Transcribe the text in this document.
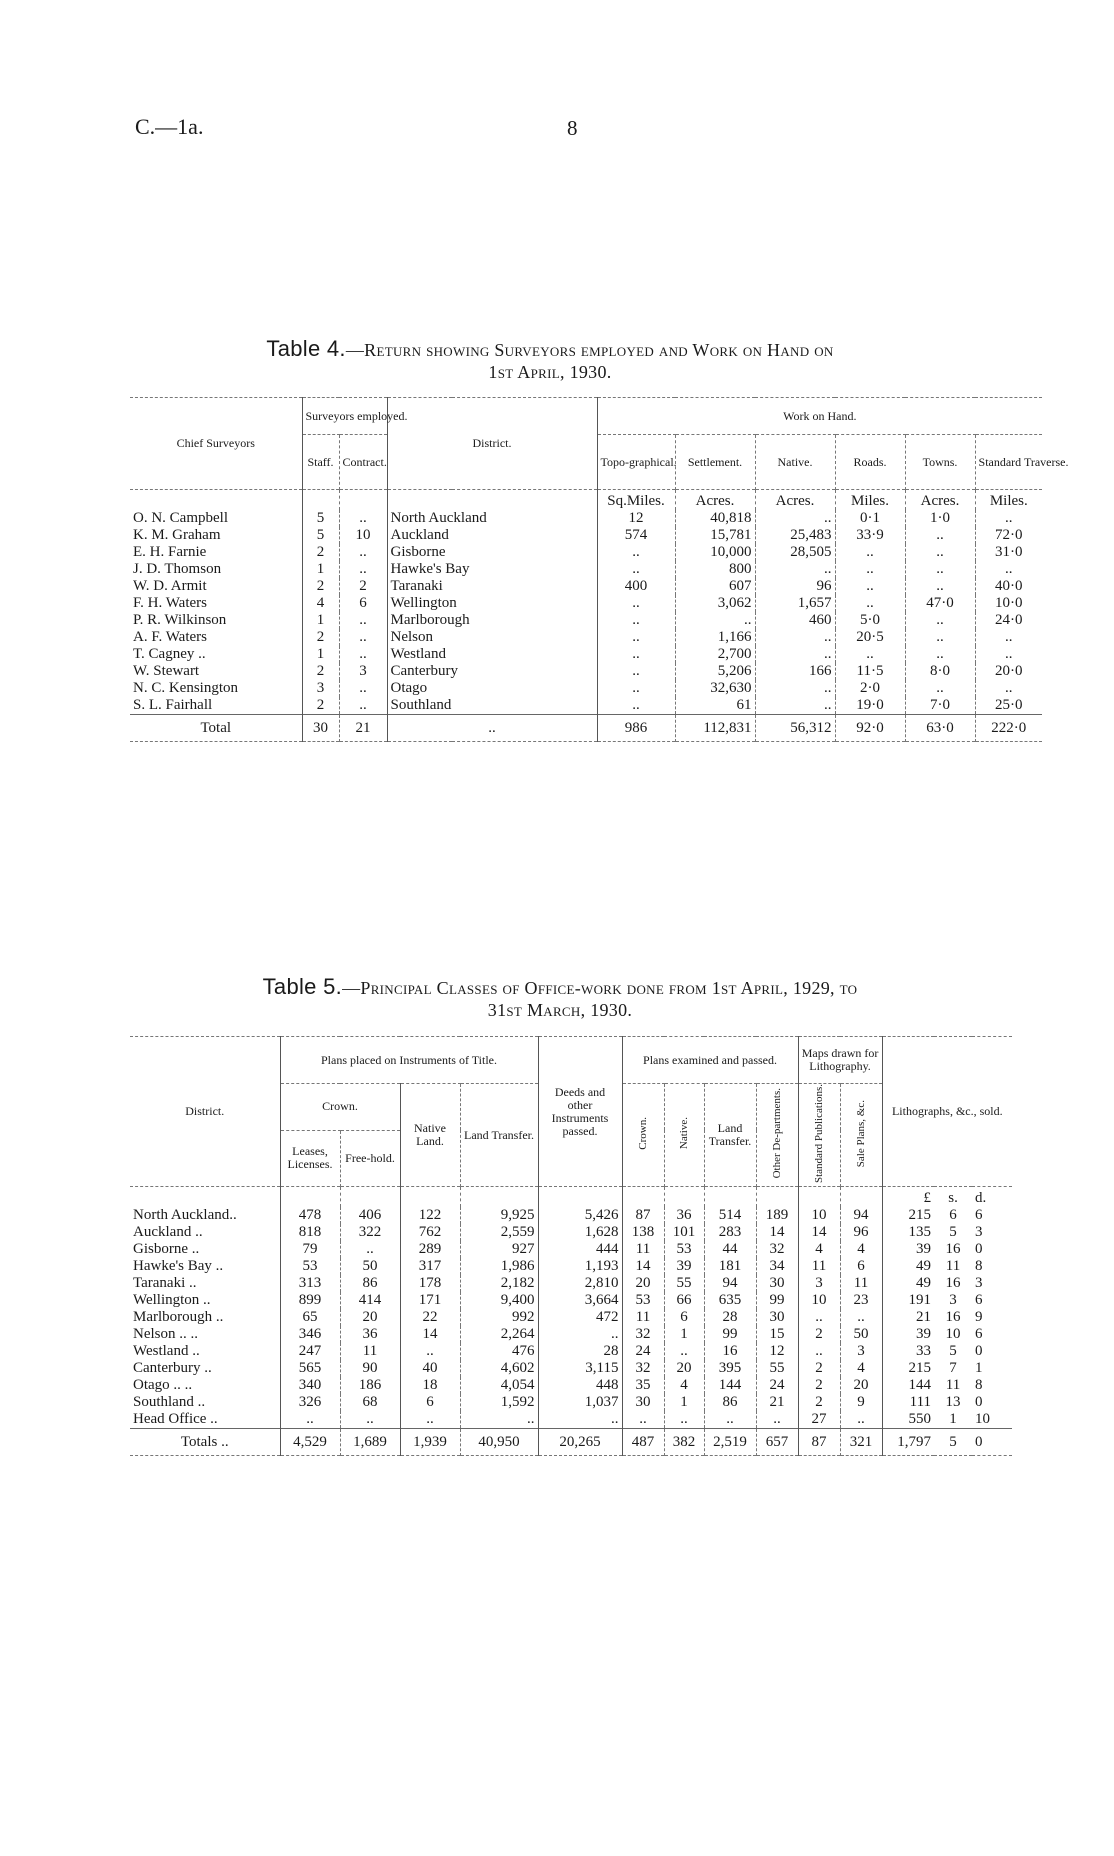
C.—1a.	8
Table 4.—Return showing Surveyors employed and Work on Hand on
1st April, 1930.
Chief Surveyors	Surveyors employed.		District.		Work on Hand.					
	Staff.	Contract.			Topo-graphical.	Settlement.	Native.	Roads.	Towns.	Standard Traverse.
					Sq.Miles.	Acres.	Acres.	Miles.	Acres.	Miles.
O. N. Campbell	5	..	North Auckland		12	40,818	..	0·1	1·0	..
K. M. Graham	5	10	Auckland		574	15,781	25,483	33·9	..	72·0
E. H. Farnie	2	..	Gisborne		..	10,000	28,505	..	..	31·0
J. D. Thomson	1	..	Hawke's Bay		..	800	..	..	..	..
W. D. Armit	2	2	Taranaki		400	607	96	..	..	40·0
F. H. Waters	4	6	Wellington		..	3,062	1,657	..	47·0	10·0
P. R. Wilkinson	1	..	Marlborough		..	..	460	5·0	..	24·0
A. F. Waters	2	..	Nelson		..	1,166	..	20·5	..	..
T. Cagney ..	1	..	Westland		..	2,700	..	..	..	..
W. Stewart	2	3	Canterbury		..	5,206	166	11·5	8·0	20·0
N. C. Kensington	3	..	Otago		..	32,630	..	2·0	..	..
S. L. Fairhall	2	..	Southland		..	61	..	19·0	7·0	25·0
Total	30	21	..		986	112,831	56,312	92·0	63·0	222·0

Table 5.—Principal Classes of Office-work done from 1st April, 1929, to
31st March, 1930.
District.	Plans placed on Instruments of Title.				Deeds and other Instruments passed.	Plans examined and passed.				Maps drawn for Lithography.		Lithographs, &c., sold.		
	Crown.		Native Land.	Land Transfer.		Crown.	Native.	Land Transfer.	Other De-partments.	Standard Publications.	Sale Plans, &c.			
	Leases, Licenses.	Free-hold.												
												£	s.	d.
North Auckland..	478	406	122	9,925	5,426	87	36	514	189	10	94	215	6	6
Auckland ..	818	322	762	2,559	1,628	138	101	283	14	14	96	135	5	3
Gisborne ..	79	..	289	927	444	11	53	44	32	4	4	39	16	0
Hawke's Bay ..	53	50	317	1,986	1,193	14	39	181	34	11	6	49	11	8
Taranaki ..	313	86	178	2,182	2,810	20	55	94	30	3	11	49	16	3
Wellington ..	899	414	171	9,400	3,664	53	66	635	99	10	23	191	3	6
Marlborough ..	65	20	22	992	472	11	6	28	30	..	..	21	16	9
Nelson .. ..	346	36	14	2,264	..	32	1	99	15	2	50	39	10	6
Westland ..	247	11	..	476	28	24	..	16	12	..	3	33	5	0
Canterbury ..	565	90	40	4,602	3,115	32	20	395	55	2	4	215	7	1
Otago .. ..	340	186	18	4,054	448	35	4	144	24	2	20	144	11	8
Southland ..	326	68	6	1,592	1,037	30	1	86	21	2	9	111	13	0
Head Office ..	..	..	..	..	..	..	..	..	..	27	..	550	1	10
Totals ..	4,529	1,689	1,939	40,950	20,265	487	382	2,519	657	87	321	1,797	5	0
